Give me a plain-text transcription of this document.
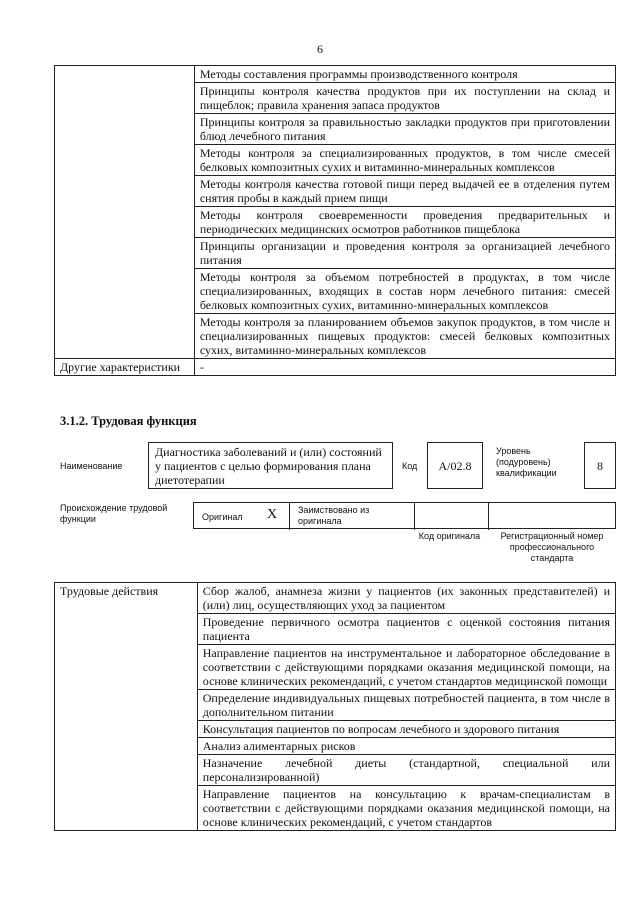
6
	Методы составления программы производственного контроля
	Принципы контроля качества продуктов при их поступлении на склад и пищеблок; правила хранения запаса продуктов
	Принципы контроля за правильностью закладки продуктов при приготовлении блюд лечебного питания
	Методы контроля за специализированных продуктов, в том числе смесей белковых композитных сухих и витаминно-минеральных комплексов
	Методы контроля качества готовой пищи перед выдачей ее в отделения путем снятия пробы в каждый прием пищи
	Методы контроля своевременности проведения предварительных и периодических медицинских осмотров работников пищеблока
	Принципы организации и проведения контроля за организацией лечебного питания
	Методы контроля за объемом потребностей в продуктах, в том числе специализированных, входящих в состав норм лечебного питания: смесей белковых композитных сухих, витаминно-минеральных комплексов
	Методы контроля за планированием объемов закупок продуктов, в том числе и специализированных пищевых продуктов: смесей белковых композитных сухих, витаминно-минеральных комплексов
Другие характеристики	-
3.1.2. Трудовая функция
Наименование
Диагностика заболеваний и (или) состояний у пациентов с целью формирования плана диетотерапии
Код A/02.8
Уровень (подуровень) квалификации
8
Происхождение трудовой функции	Оригинал X Заимствовано из оригинала
Код оригинала	Регистрационный номер профессионального стандарта
Трудовые действия	Сбор жалоб, анамнеза жизни у пациентов (их законных представителей) и (или) лиц, осуществляющих уход за пациентом
Проведение первичного осмотра пациентов с оценкой состояния питания пациента
Направление пациентов на инструментальное и лабораторное обследование в соответствии с действующими порядками оказания медицинской помощи, на основе клинических рекомендаций, с учетом стандартов медицинской помощи
Определение индивидуальных пищевых потребностей пациента, в том числе в дополнительном питании
Консультация пациентов по вопросам лечебного и здорового питания
Анализ алиментарных рисков
Назначение лечебной диеты (стандартной, специальной или персонализированной)
Направление пациентов на консультацию к врачам-специалистам в соответствии с действующими порядками оказания медицинской помощи, на основе клинических рекомендаций, с учетом стандартов
